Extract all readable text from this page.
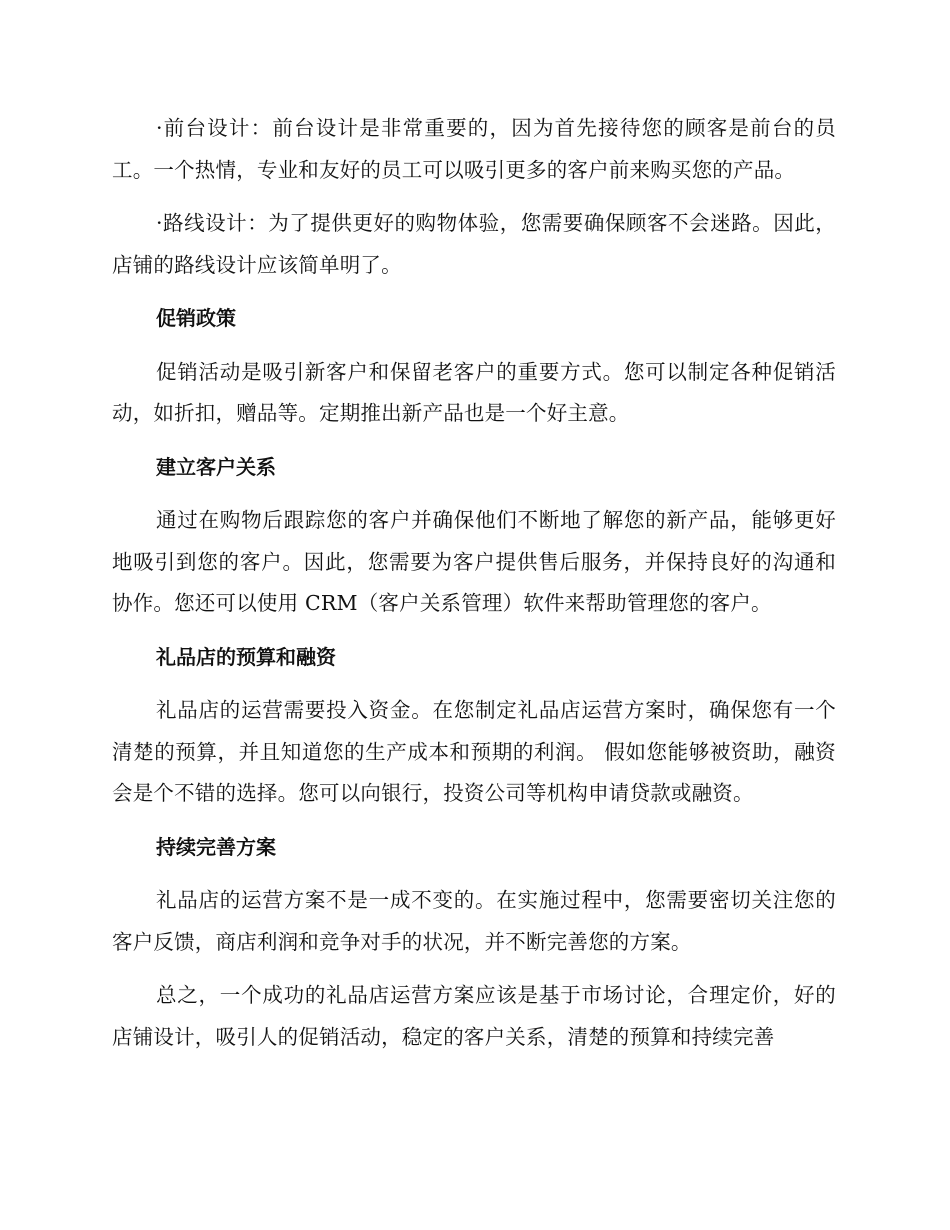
·前台设计：前台设计是非常重要的，因为首先接待您的顾客是前台的员工。一个热情，专业和友好的员工可以吸引更多的客户前来购买您的产品。

·路线设计：为了提供更好的购物体验，您需要确保顾客不会迷路。因此，店铺的路线设计应该简单明了。

促销政策

促销活动是吸引新客户和保留老客户的重要方式。您可以制定各种促销活动，如折扣，赠品等。定期推出新产品也是一个好主意。

建立客户关系

通过在购物后跟踪您的客户并确保他们不断地了解您的新产品，能够更好地吸引到您的客户。因此，您需要为客户提供售后服务，并保持良好的沟通和协作。您还可以使用 CRM（客户关系管理）软件来帮助管理您的客户。

礼品店的预算和融资

礼品店的运营需要投入资金。在您制定礼品店运营方案时，确保您有一个清楚的预算，并且知道您的生产成本和预期的利润。 假如您能够被资助，融资会是个不错的选择。您可以向银行，投资公司等机构申请贷款或融资。

持续完善方案

礼品店的运营方案不是一成不变的。在实施过程中，您需要密切关注您的客户反馈，商店利润和竞争对手的状况，并不断完善您的方案。

总之，一个成功的礼品店运营方案应该是基于市场讨论，合理定价，好的店铺设计，吸引人的促销活动，稳定的客户关系，清楚的预算和持续完善
